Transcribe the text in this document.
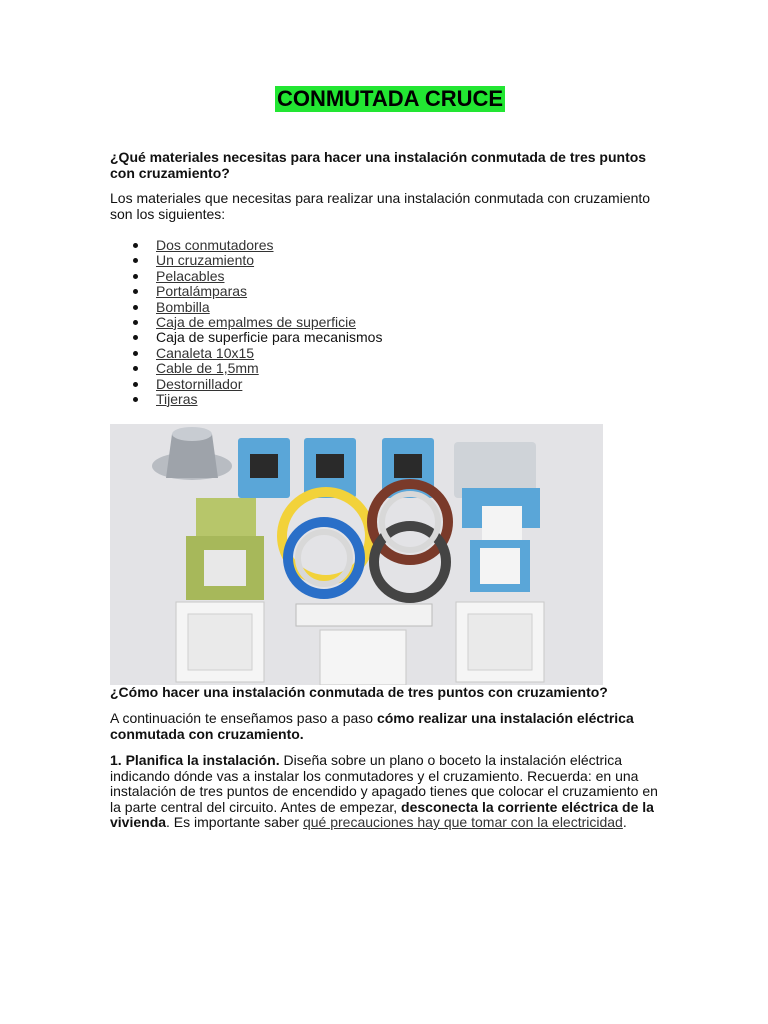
CONMUTADA CRUCE
¿Qué materiales necesitas para hacer una instalación conmutada de tres puntos con cruzamiento?
Los materiales que necesitas para realizar una instalación conmutada con cruzamiento son los siguientes:
Dos conmutadores
Un cruzamiento
Pelacables
Portalámparas
Bombilla
Caja de empalmes de superficie
Caja de superficie para mecanismos
Canaleta 10x15
Cable de 1,5mm
Destornillador
Tijeras
¿Cómo hacer una instalación conmutada de tres puntos con cruzamiento?
A continuación te enseñamos paso a paso cómo realizar una instalación eléctrica conmutada con cruzamiento.
1. Planifica la instalación. Diseña sobre un plano o boceto la instalación eléctrica indicando dónde vas a instalar los conmutadores y el cruzamiento. Recuerda: en una instalación de tres puntos de encendido y apagado tienes que colocar el cruzamiento en la parte central del circuito. Antes de empezar, desconecta la corriente eléctrica de la vivienda. Es importante saber qué precauciones hay que tomar con la electricidad.
